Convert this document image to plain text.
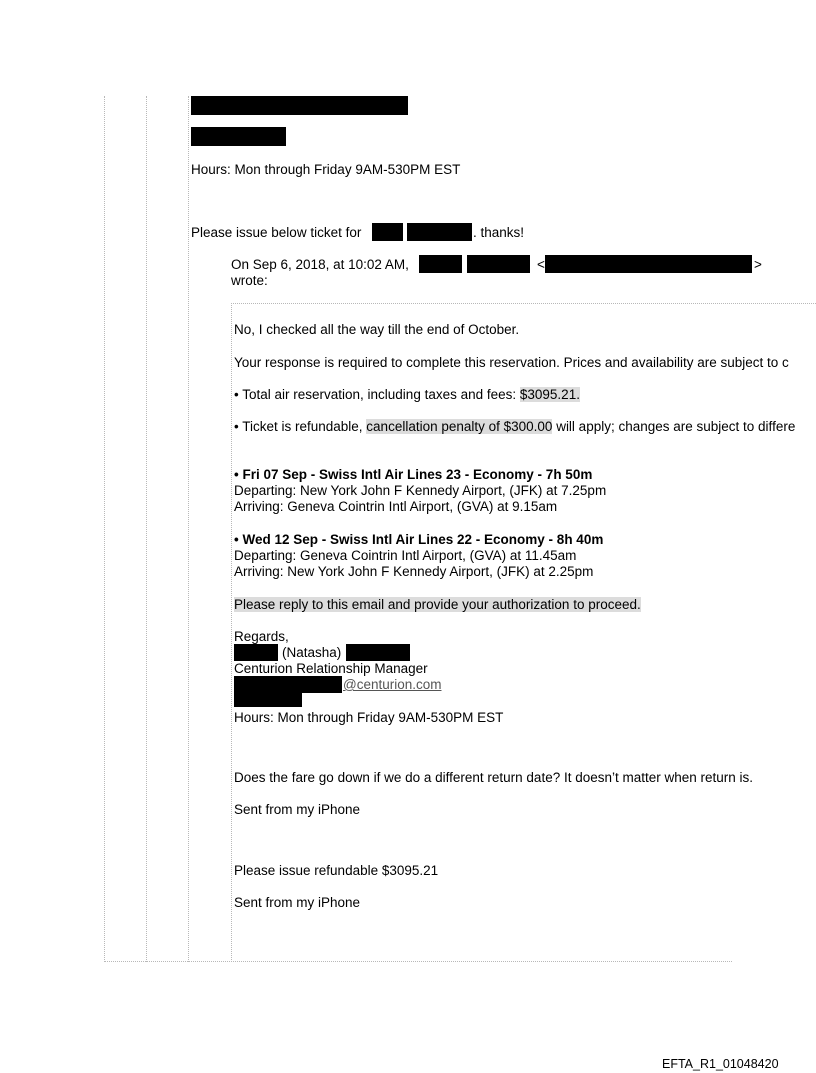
Hours: Mon through Friday 9AM-530PM EST
Please issue below ticket for	. thanks!
On Sep 6, 2018, at 10:02 AM,	<	>
wrote:
No, I checked all the way till the end of October.
Your response is required to complete this reservation. Prices and availability are subject to c
• Total air reservation, including taxes and fees: $3095.21.
• Ticket is refundable, cancellation penalty of $300.00 will apply; changes are subject to differe
• Fri 07 Sep - Swiss Intl Air Lines 23 - Economy - 7h 50m
Departing: New York John F Kennedy Airport, (JFK) at 7.25pm
Arriving: Geneva Cointrin Intl Airport, (GVA) at 9.15am
• Wed 12 Sep - Swiss Intl Air Lines 22 - Economy - 8h 40m
Departing: Geneva Cointrin Intl Airport, (GVA) at 11.45am
Arriving: New York John F Kennedy Airport, (JFK) at 2.25pm
Please reply to this email and provide your authorization to proceed.
Regards,
(Natasha)
Centurion Relationship Manager
@centurion.com
Hours: Mon through Friday 9AM-530PM EST
Does the fare go down if we do a different return date? It doesn’t matter when return is.
Sent from my iPhone
Please issue refundable $3095.21
Sent from my iPhone
EFTA_R1_01048420
